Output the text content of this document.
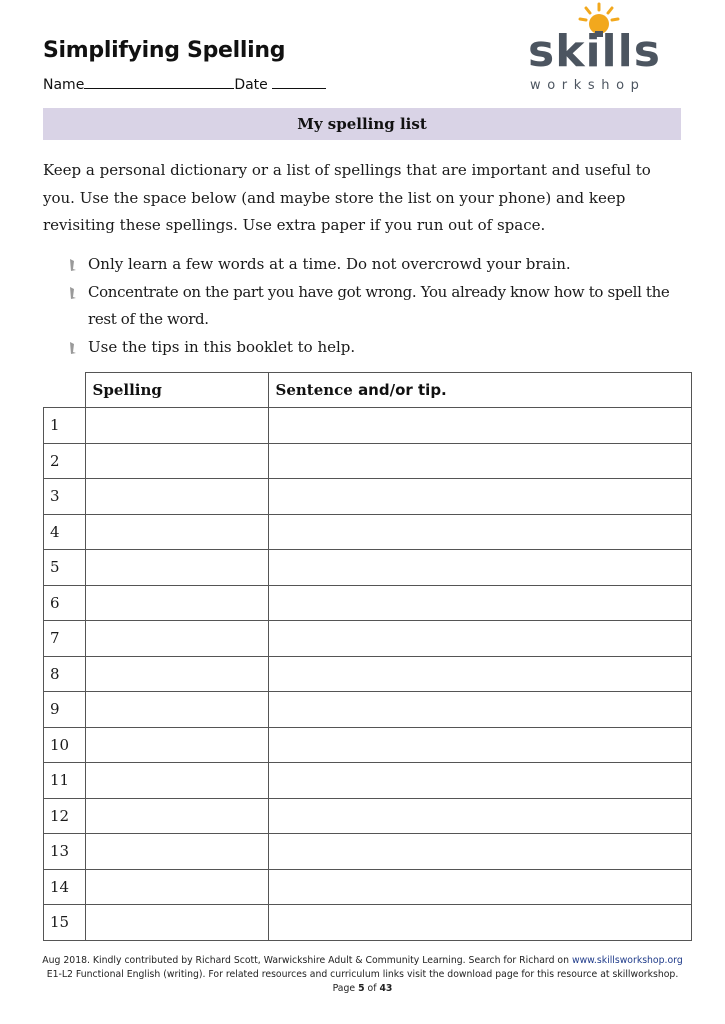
Simplifying Spelling
Name	Date
skills
workshop
My spelling list

Keep a personal dictionary or a list of spellings that are important and useful to you. Use the space below (and maybe store the list on your phone) and keep revisiting these spellings. Use extra paper if you run out of space.

Only learn a few words at a time. Do not overcrowd your brain.
Concentrate on the part you have got wrong. You already know how to spell the rest of the word.
Use the tips in this booklet to help.
	Spelling	Sentence and/or tip.
1		
2		
3		
4		
5		
6		
7		
8		
9		
10		
11		
12		
13		
14		
15		
Aug 2018. Kindly contributed by Richard Scott, Warwickshire Adult & Community Learning. Search for Richard on www.skillsworkshop.org
E1-L2 Functional English (writing). For related resources and curriculum links visit the download page for this resource at skillworkshop.
Page 5 of 43
